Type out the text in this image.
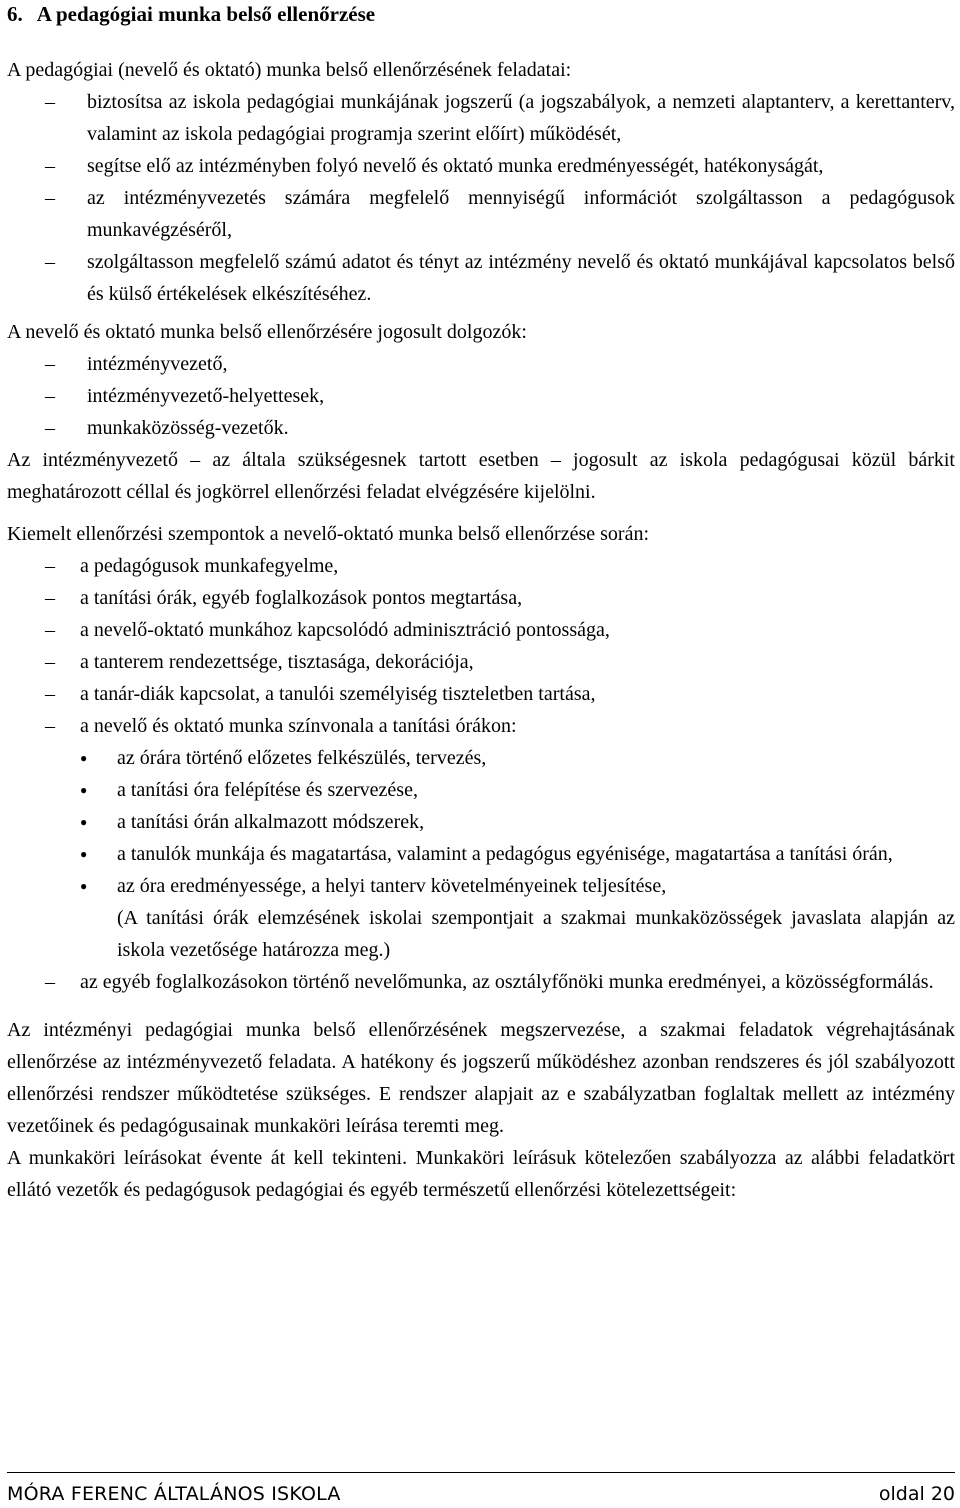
6. A pedagógiai munka belső ellenőrzése

A pedagógiai (nevelő és oktató) munka belső ellenőrzésének feladatai:

– biztosítsa az iskola pedagógiai munkájának jogszerű (a jogszabályok, a nemzeti alaptanterv, a kerettanterv, valamint az iskola pedagógiai programja szerint előírt) működését,
– segítse elő az intézményben folyó nevelő és oktató munka eredményességét, hatékonyságát,
– az intézményvezetés számára megfelelő mennyiségű információt szolgáltasson a pedagógusok munkavégzéséről,
– szolgáltasson megfelelő számú adatot és tényt az intézmény nevelő és oktató munkájával kapcsolatos belső és külső értékelések elkészítéséhez.

A nevelő és oktató munka belső ellenőrzésére jogosult dolgozók:

– intézményvezető,
– intézményvezető-helyettesek,
– munkaközösség-vezetők.

Az intézményvezető – az általa szükségesnek tartott esetben – jogosult az iskola pedagógusai közül bárkit meghatározott céllal és jogkörrel ellenőrzési feladat elvégzésére kijelölni.

Kiemelt ellenőrzési szempontok a nevelő-oktató munka belső ellenőrzése során:

– a pedagógusok munkafegyelme,
– a tanítási órák, egyéb foglalkozások pontos megtartása,
– a nevelő-oktató munkához kapcsolódó adminisztráció pontossága,
– a tanterem rendezettsége, tisztasága, dekorációja,
– a tanár-diák kapcsolat, a tanulói személyiség tiszteletben tartása,
– a nevelő és oktató munka színvonala a tanítási órákon:
● az órára történő előzetes felkészülés, tervezés,
● a tanítási óra felépítése és szervezése,
● a tanítási órán alkalmazott módszerek,
● a tanulók munkája és magatartása, valamint a pedagógus egyénisége, magatartása a tanítási órán,
● az óra eredményessége, a helyi tanterv követelményeinek teljesítése,

(A tanítási órák elemzésének iskolai szempontjait a szakmai munkaközösségek javaslata alapján az iskola vezetősége határozza meg.)

– az egyéb foglalkozásokon történő nevelőmunka, az osztályfőnöki munka eredményei, a közösségformálás.

Az intézményi pedagógiai munka belső ellenőrzésének megszervezése, a szakmai feladatok végrehajtásának ellenőrzése az intézményvezető feladata. A hatékony és jogszerű működéshez azonban rendszeres és jól szabályozott ellenőrzési rendszer működtetése szükséges. E rendszer alapjait az e szabályzatban foglaltak mellett az intézmény vezetőinek és pedagógusainak munkaköri leírása teremti meg.

A munkaköri leírásokat évente át kell tekinteni. Munkaköri leírásuk kötelezően szabályozza az alábbi feladatkört ellátó vezetők és pedagógusok pedagógiai és egyéb természetű ellenőrzési kötelezettségeit:

MÓRA FERENC ÁLTALÁNOS ISKOLA	oldal 20
